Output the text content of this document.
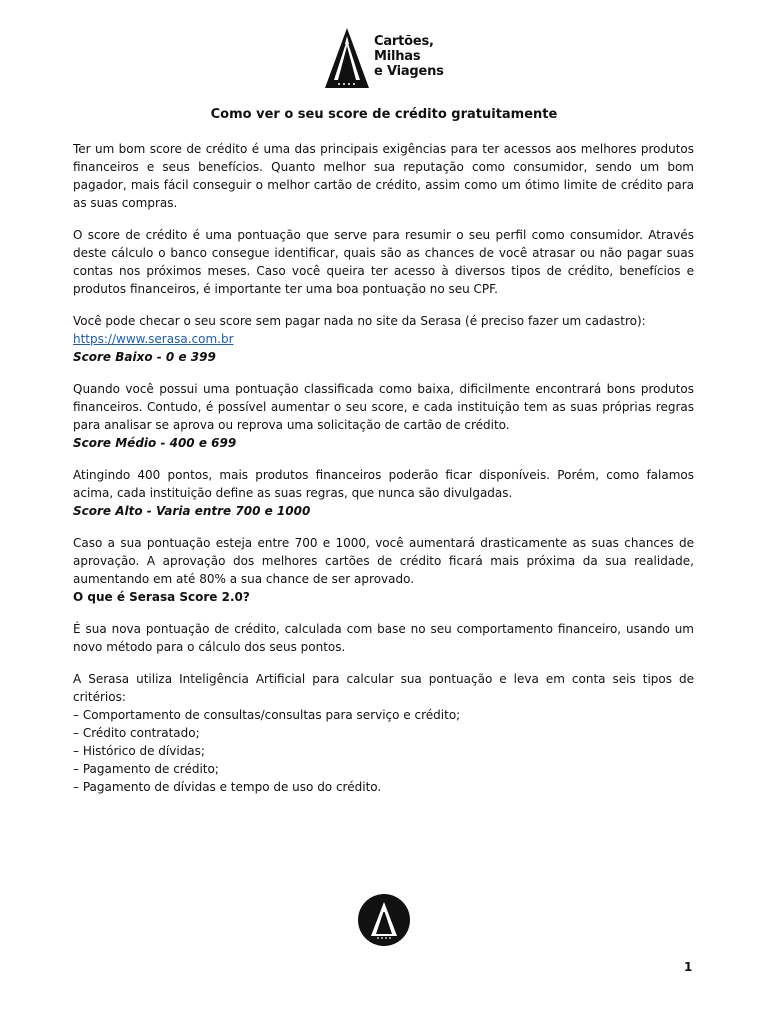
Cartões,
Milhas
e Viagens
Como ver o seu score de crédito gratuitamente

Ter um bom score de crédito é uma das principais exigências para ter acessos aos melhores produtos financeiros e seus benefícios. Quanto melhor sua reputação como consumidor, sendo um bom pagador, mais fácil conseguir o melhor cartão de crédito, assim como um ótimo limite de crédito para as suas compras.

O score de crédito é uma pontuação que serve para resumir o seu perfil como consumidor. Através deste cálculo o banco consegue identificar, quais são as chances de você atrasar ou não pagar suas contas nos próximos meses. Caso você queira ter acesso à diversos tipos de crédito, benefícios e produtos financeiros, é importante ter uma boa pontuação no seu CPF.

Você pode checar o seu score sem pagar nada no site da Serasa (é preciso fazer um cadastro):
https://www.serasa.com.br

Score Baixo - 0 e 399

Quando você possui uma pontuação classificada como baixa, dificilmente encontrará bons produtos financeiros. Contudo, é possível aumentar o seu score, e cada instituição tem as suas próprias regras para analisar se aprova ou reprova uma solicitação de cartão de crédito.

Score Médio - 400 e 699

Atingindo 400 pontos, mais produtos financeiros poderão ficar disponíveis. Porém, como falamos acima, cada instituição define as suas regras, que nunca são divulgadas.

Score Alto - Varia entre 700 e 1000

Caso a sua pontuação esteja entre 700 e 1000, você aumentará drasticamente as suas chances de aprovação. A aprovação dos melhores cartões de crédito ficará mais próxima da sua realidade, aumentando em até 80% a sua chance de ser aprovado.

O que é Serasa Score 2.0?

É sua nova pontuação de crédito, calculada com base no seu comportamento financeiro, usando um novo método para o cálculo dos seus pontos.

A Serasa utiliza Inteligência Artificial para calcular sua pontuação e leva em conta seis tipos de critérios:

– Comportamento de consultas/consultas para serviço e crédito;
– Crédito contratado;
– Histórico de dívidas;
– Pagamento de crédito;
– Pagamento de dívidas e tempo de uso do crédito.
1
